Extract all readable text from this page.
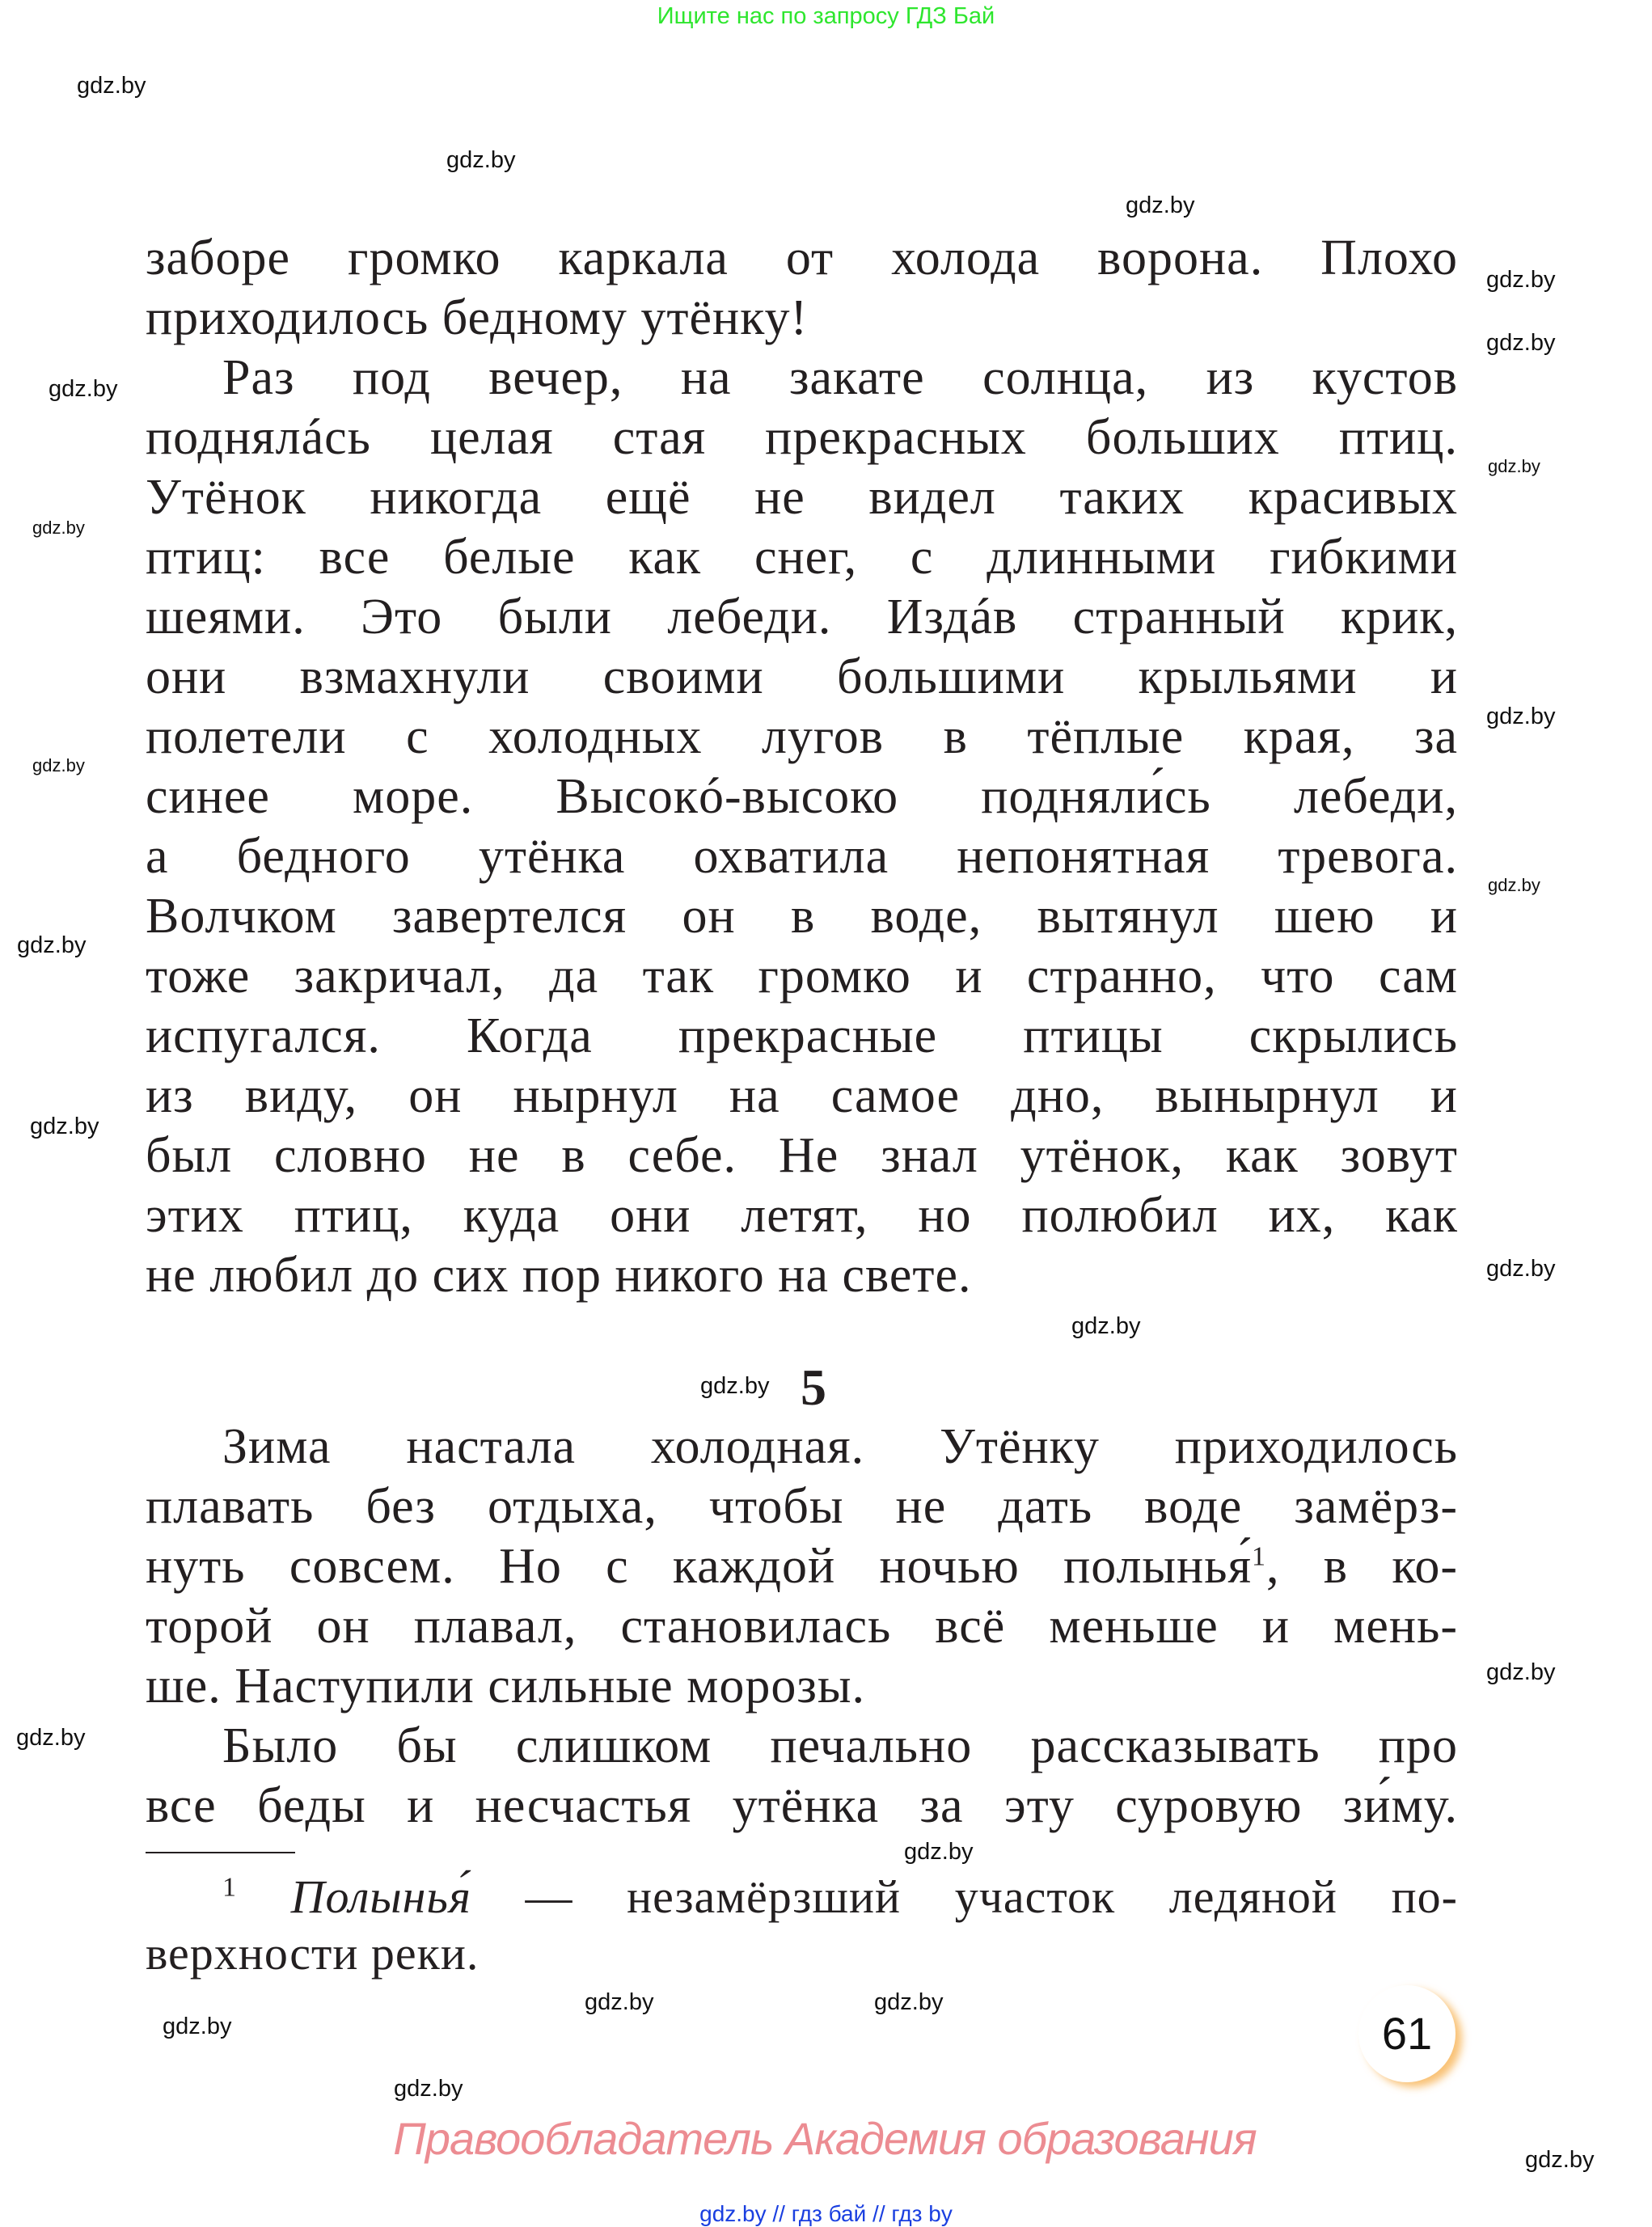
Ищите нас по запросу ГДЗ Бай
заборе громко каркала от холода ворона. Плохо
приходилось бедному утёнку!
Раз под вечер, на закате солнца, из кустов
поднялáсь целая стая прекрасных больших птиц.
Утёнок никогда ещё не видел таких красивых
птиц: все белые как снег, с длинными гибкими
шеями. Это были лебеди. Издáв странный крик,
они взмахнули своими большими крыльями и
полетели с холодных лугов в тёплые края, за
синее море. Высокó-высоко подняли́сь лебеди,
а бедного утёнка охватила непонятная тревога.
Волчком завертелся он в воде, вытянул шею и
тоже закричал, да так громко и странно, что сам
испугался. Когда прекрасные птицы скрылись
из виду, он нырнул на самое дно, вынырнул и
был словно не в себе. Не знал утёнок, как зовут
этих птиц, куда они летят, но полюбил их, как
не любил до сих пор никого на свете.
5
Зима настала холодная. Утёнку приходилось
плавать без отдыха, чтобы не дать воде замёрз-
нуть совсем. Но с каждой ночью полынья́$^1$, в ко-
торой он плавал, становилась всё меньше и мень-
ше. Наступили сильные морозы.
Было бы слишком печально рассказывать про
все беды и несчастья утёнка за эту суровую зи́му.
$^1$ Полынья́ — незамёрзший участок ледяной по-
верхности реки.
61
Правообладатель Академия образования
gdz.by // гдз бай // гдз by
gdz.by
gdz.by
gdz.by
gdz.by
gdz.by
gdz.by
gdz.by
gdz.by
gdz.by
gdz.by
gdz.by
gdz.by
gdz.by
gdz.by
gdz.by
gdz.by
gdz.by
gdz.by
gdz.by
gdz.by	gdz.by
gdz.by
gdz.by
gdz.by
